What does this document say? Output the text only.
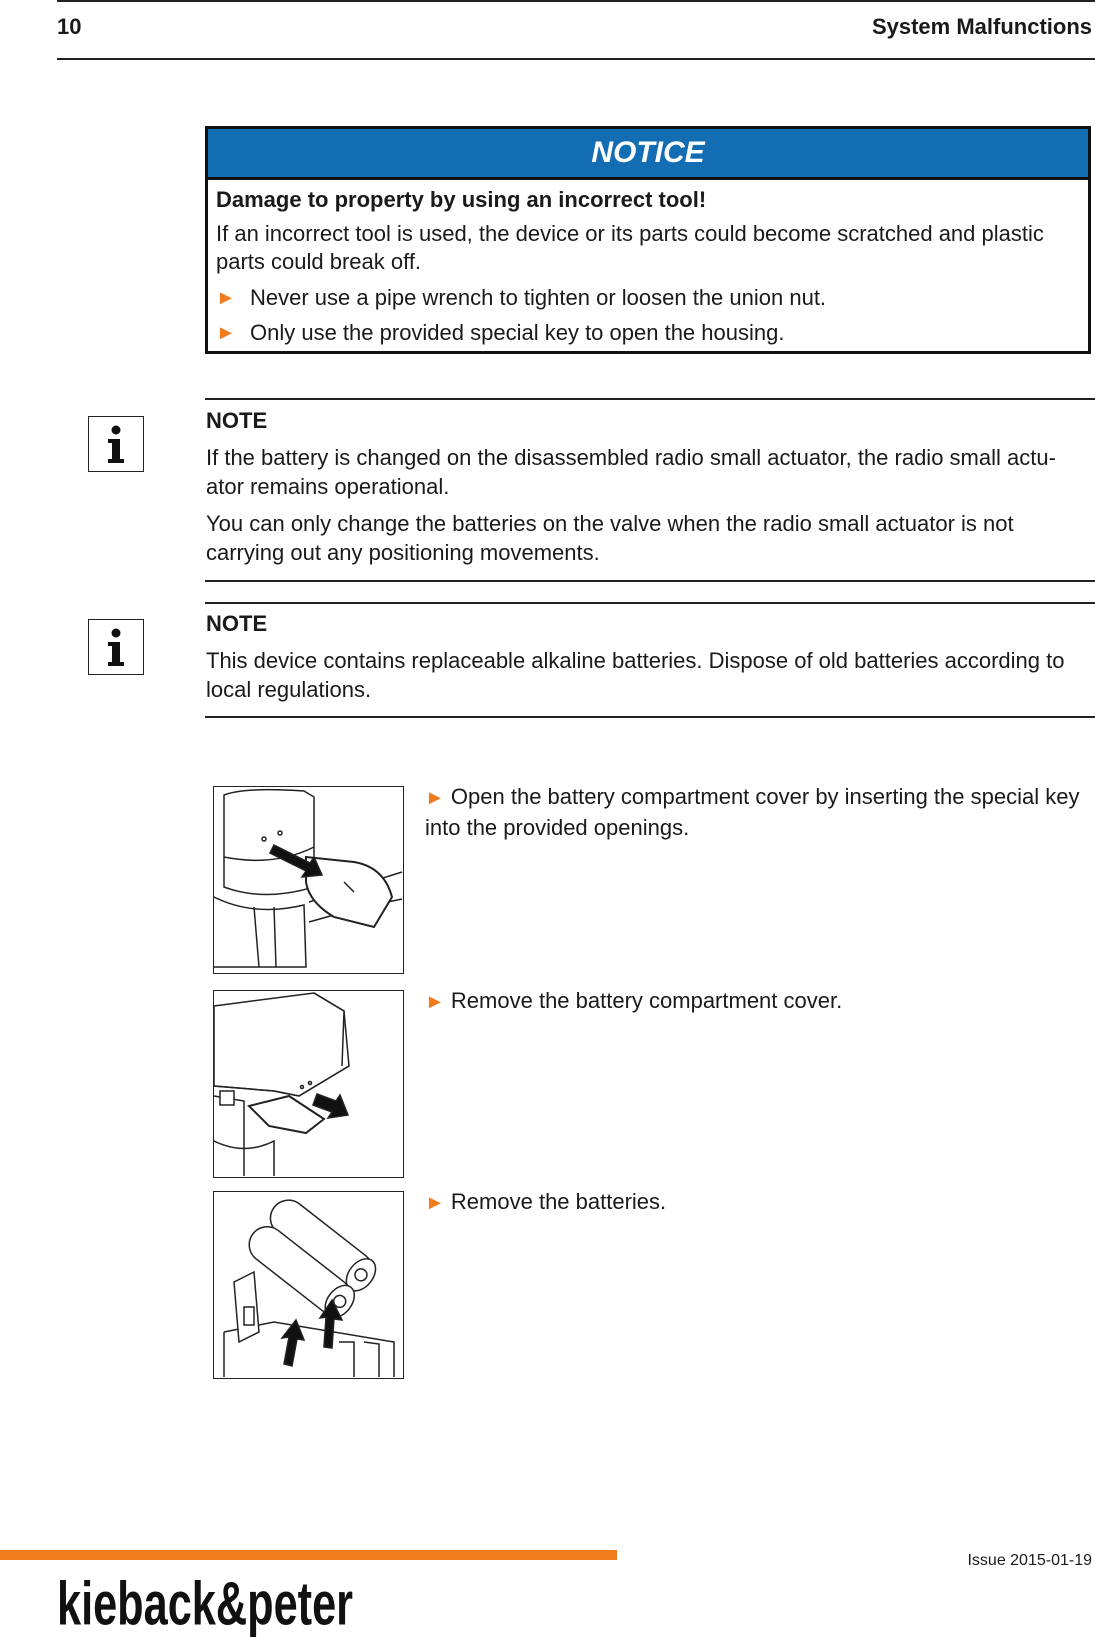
10	System Malfunctions
NOTICE
Damage to property by using an incorrect tool!
If an incorrect tool is used, the device or its parts could become scratched and plastic parts could break off.
► Never use a pipe wrench to tighten or loosen the union nut.
► Only use the provided special key to open the housing.
NOTE
If the battery is changed on the disassembled radio small actuator, the radio small actu-ator remains operational.
You can only change the batteries on the valve when the radio small actuator is not carrying out any positioning movements.
NOTE
This device contains replaceable alkaline batteries. Dispose of old batteries according to local regulations.
► Open the battery compartment cover by inserting the special key into the provided openings.
► Remove the battery compartment cover.
► Remove the batteries.
Issue 2015-01-19
kieback&peter
